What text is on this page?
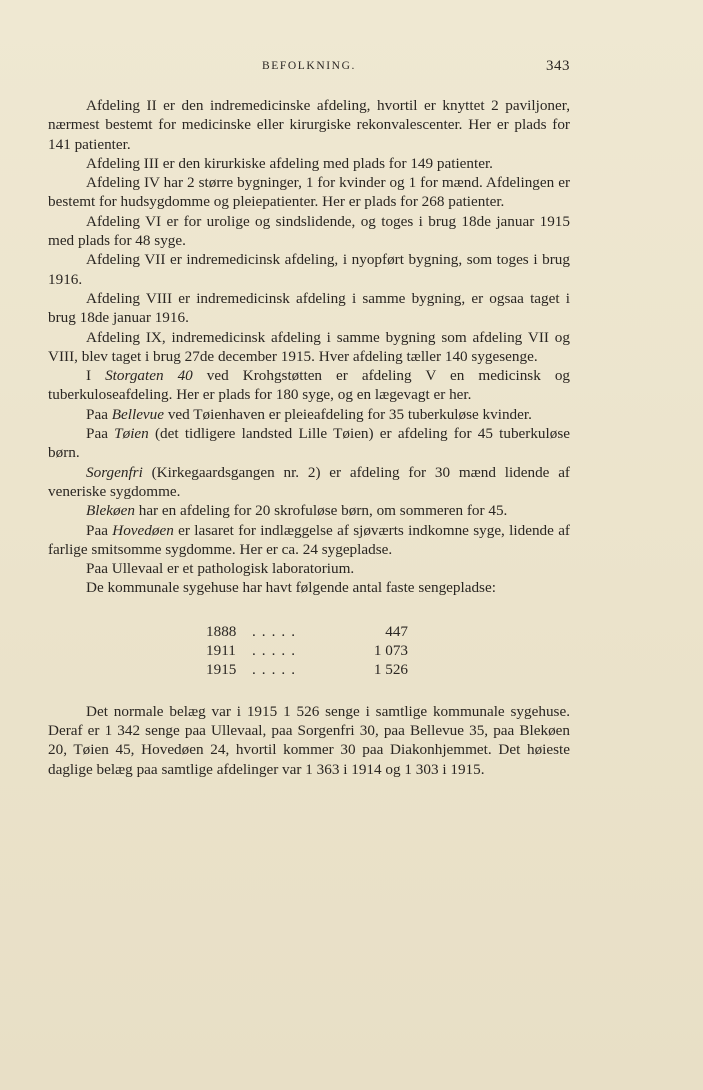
BEFOLKNING.	343

Afdeling II er den indremedicinske afdeling, hvortil er knyttet 2 paviljoner, nærmest bestemt for medicinske eller kirurgiske rekonvalescenter. Her er plads for 141 patienter.

Afdeling III er den kirurkiske afdeling med plads for 149 patienter.

Afdeling IV har 2 større bygninger, 1 for kvinder og 1 for mænd. Afdelingen er bestemt for hudsygdomme og pleiepatienter. Her er plads for 268 patienter.

Afdeling VI er for urolige og sindslidende, og toges i brug 18de januar 1915 med plads for 48 syge.

Afdeling VII er indremedicinsk afdeling, i nyopført bygning, som toges i brug 1916.

Afdeling VIII er indremedicinsk afdeling i samme bygning, er ogsaa taget i brug 18de januar 1916.

Afdeling IX, indremedicinsk afdeling i samme bygning som afdeling VII og VIII, blev taget i brug 27de december 1915. Hver afdeling tæller 140 sygesenge.

I Storgaten 40 ved Krohgstøtten er afdeling V en medicinsk og tuberkuloseafdeling. Her er plads for 180 syge, og en lægevagt er her.

Paa Bellevue ved Tøienhaven er pleieafdeling for 35 tuberkuløse kvinder.

Paa Tøien (det tidligere landsted Lille Tøien) er afdeling for 45 tuberkuløse børn.

Sorgenfri (Kirkegaardsgangen nr. 2) er afdeling for 30 mænd lidende af veneriske sygdomme.

Blekøen har en afdeling for 20 skrofuløse børn, om sommeren for 45.

Paa Hovedøen er lasaret for indlæggelse af sjøværts indkomne syge, lidende af farlige smitsomme sygdomme. Her er ca. 24 sygepladse.

Paa Ullevaal er et pathologisk laboratorium.

De kommunale sygehuse har havt følgende antal faste sengepladse:

1888	.....	447
1911	.....	1 073
1915	.....	1 526

Det normale belæg var i 1915 1 526 senge i samtlige kommunale sygehuse. Deraf er 1 342 senge paa Ullevaal, paa Sorgenfri 30, paa Bellevue 35, paa Blekøen 20, Tøien 45, Hovedøen 24, hvortil kommer 30 paa Diakonhjemmet. Det høieste daglige belæg paa samtlige afdelinger var 1 363 i 1914 og 1 303 i 1915.
